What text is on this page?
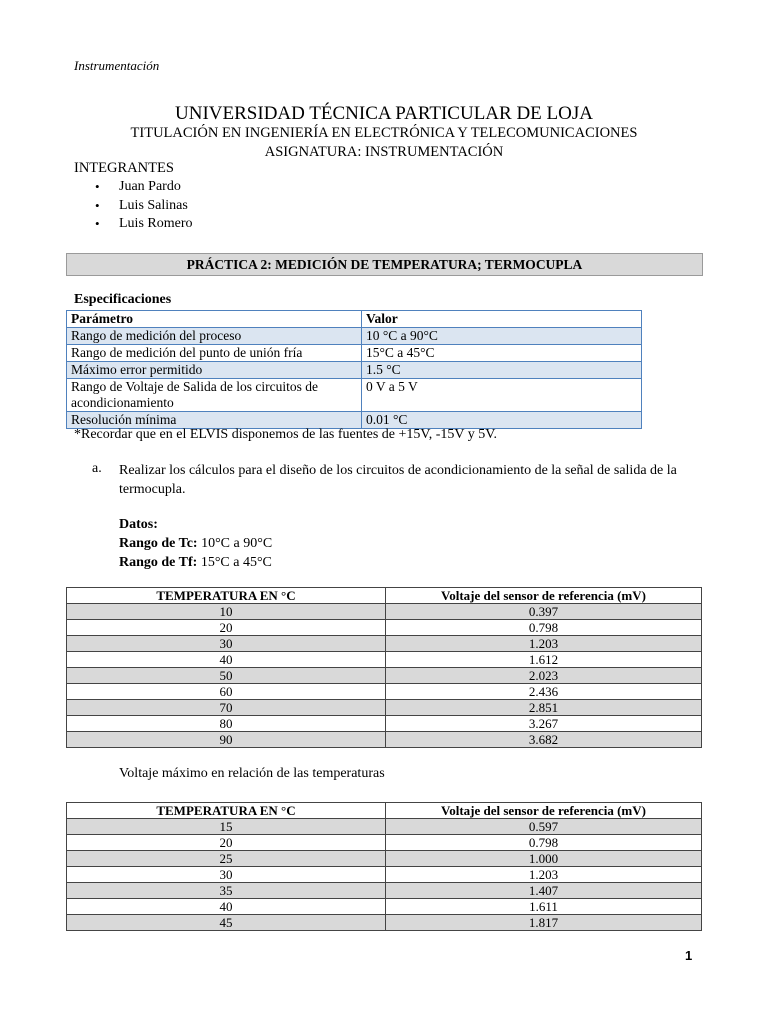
Instrumentación
UNIVERSIDAD TÉCNICA PARTICULAR DE LOJA
TITULACIÓN EN INGENIERÍA EN ELECTRÓNICA Y TELECOMUNICACIONES
ASIGNATURA: INSTRUMENTACIÓN
INTEGRANTES
• Juan Pardo
• Luis Salinas
• Luis Romero
PRÁCTICA 2: MEDICIÓN DE TEMPERATURA; TERMOCUPLA
Especificaciones
Parámetro	Valor
Rango de medición del proceso	10 °C a 90°C
Rango de medición del punto de unión fría	15°C a 45°C
Máximo error permitido	1.5 °C
Rango de Voltaje de Salida de los circuitos de acondicionamiento	0 V a 5 V
Resolución mínima	0.01 °C
*Recordar que en el ELVIS disponemos de las fuentes de +15V, -15V y 5V.
a. Realizar los cálculos para el diseño de los circuitos de acondicionamiento de la señal de salida de la termocupla.
Datos:
Rango de Tc: 10°C a 90°C
Rango de Tf: 15°C a 45°C
TEMPERATURA EN °C	Voltaje del sensor de referencia (mV)
10	0.397
20	0.798
30	1.203
40	1.612
50	2.023
60	2.436
70	2.851
80	3.267
90	3.682
Voltaje máximo en relación de las temperaturas
TEMPERATURA EN °C	Voltaje del sensor de referencia (mV)
15	0.597
20	0.798
25	1.000
30	1.203
35	1.407
40	1.611
45	1.817
1
